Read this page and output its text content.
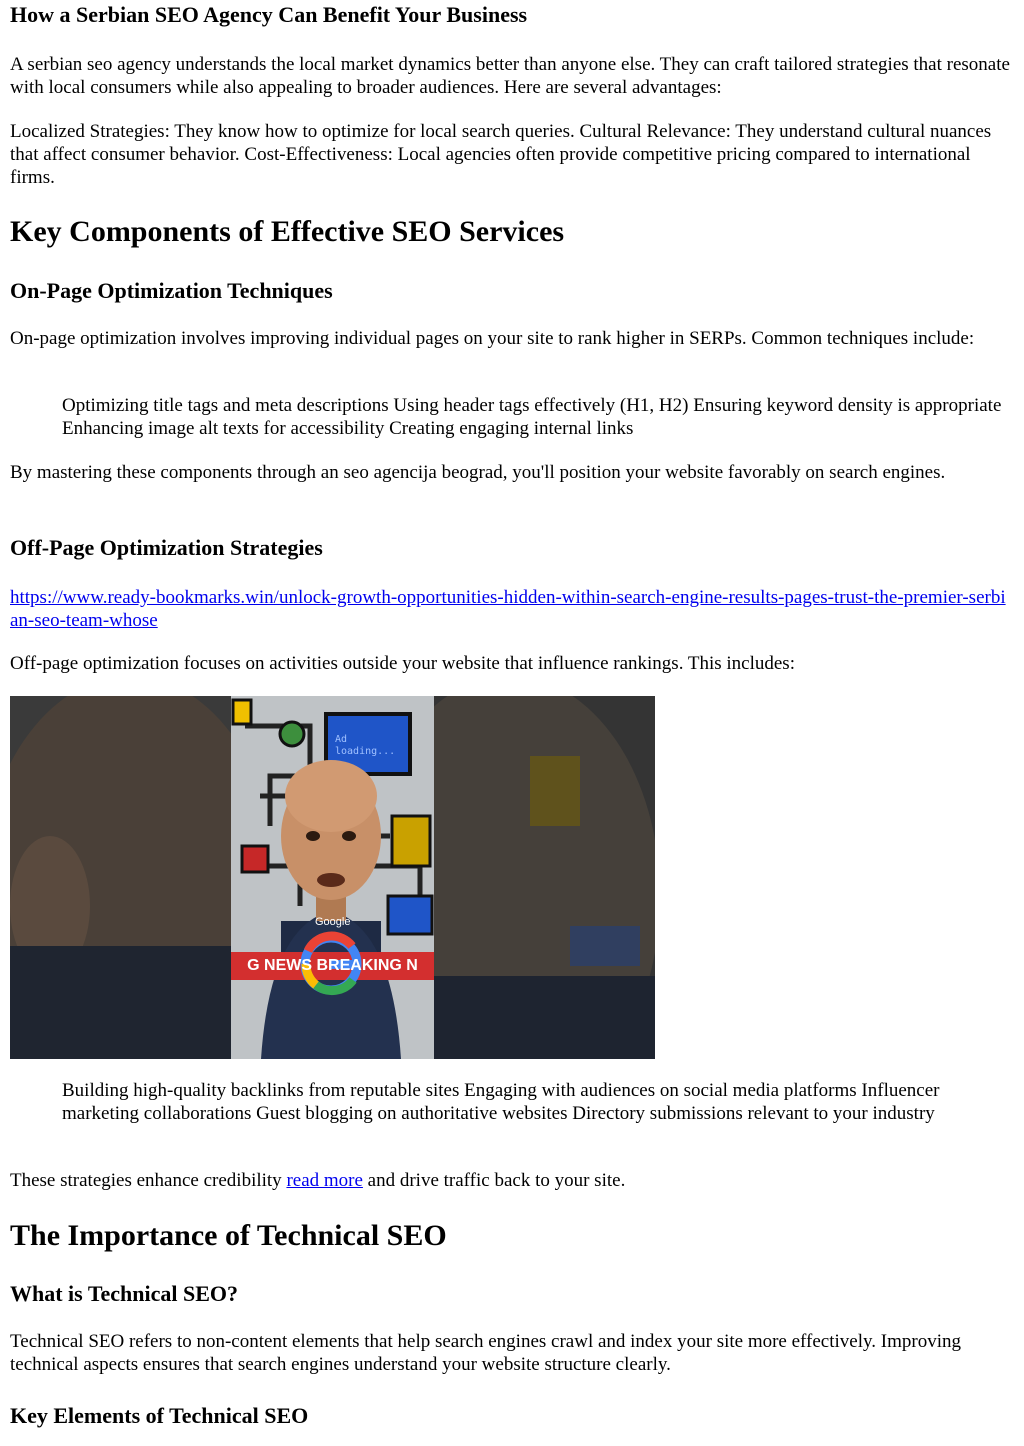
How a Serbian SEO Agency Can Benefit Your Business
A serbian seo agency understands the local market dynamics better than anyone else. They can craft tailored strategies that resonate with local consumers while also appealing to broader audiences. Here are several advantages:
Localized Strategies: They know how to optimize for local search queries. Cultural Relevance: They understand cultural nuances that affect consumer behavior. Cost-Effectiveness: Local agencies often provide competitive pricing compared to international firms.
Key Components of Effective SEO Services
On-Page Optimization Techniques
On-page optimization involves improving individual pages on your site to rank higher in SERPs. Common techniques include:
Optimizing title tags and meta descriptions Using header tags effectively (H1, H2) Ensuring keyword density is appropriate Enhancing image alt texts for accessibility Creating engaging internal links
By mastering these components through an seo agencija beograd, you'll position your website favorably on search engines.
Off-Page Optimization Strategies
https://www.ready-bookmarks.win/unlock-growth-opportunities-hidden-within-search-engine-results-pages-trust-the-premier-serbian-seo-team-whose
Off-page optimization focuses on activities outside your website that influence rankings. This includes:
Ad
loading...
Google
G NEWS BREAKING N
Building high-quality backlinks from reputable sites Engaging with audiences on social media platforms Influencer marketing collaborations Guest blogging on authoritative websites Directory submissions relevant to your industry
These strategies enhance credibility read more and drive traffic back to your site.
The Importance of Technical SEO
What is Technical SEO?
Technical SEO refers to non-content elements that help search engines crawl and index your site more effectively. Improving technical aspects ensures that search engines understand your website structure clearly.
Key Elements of Technical SEO
